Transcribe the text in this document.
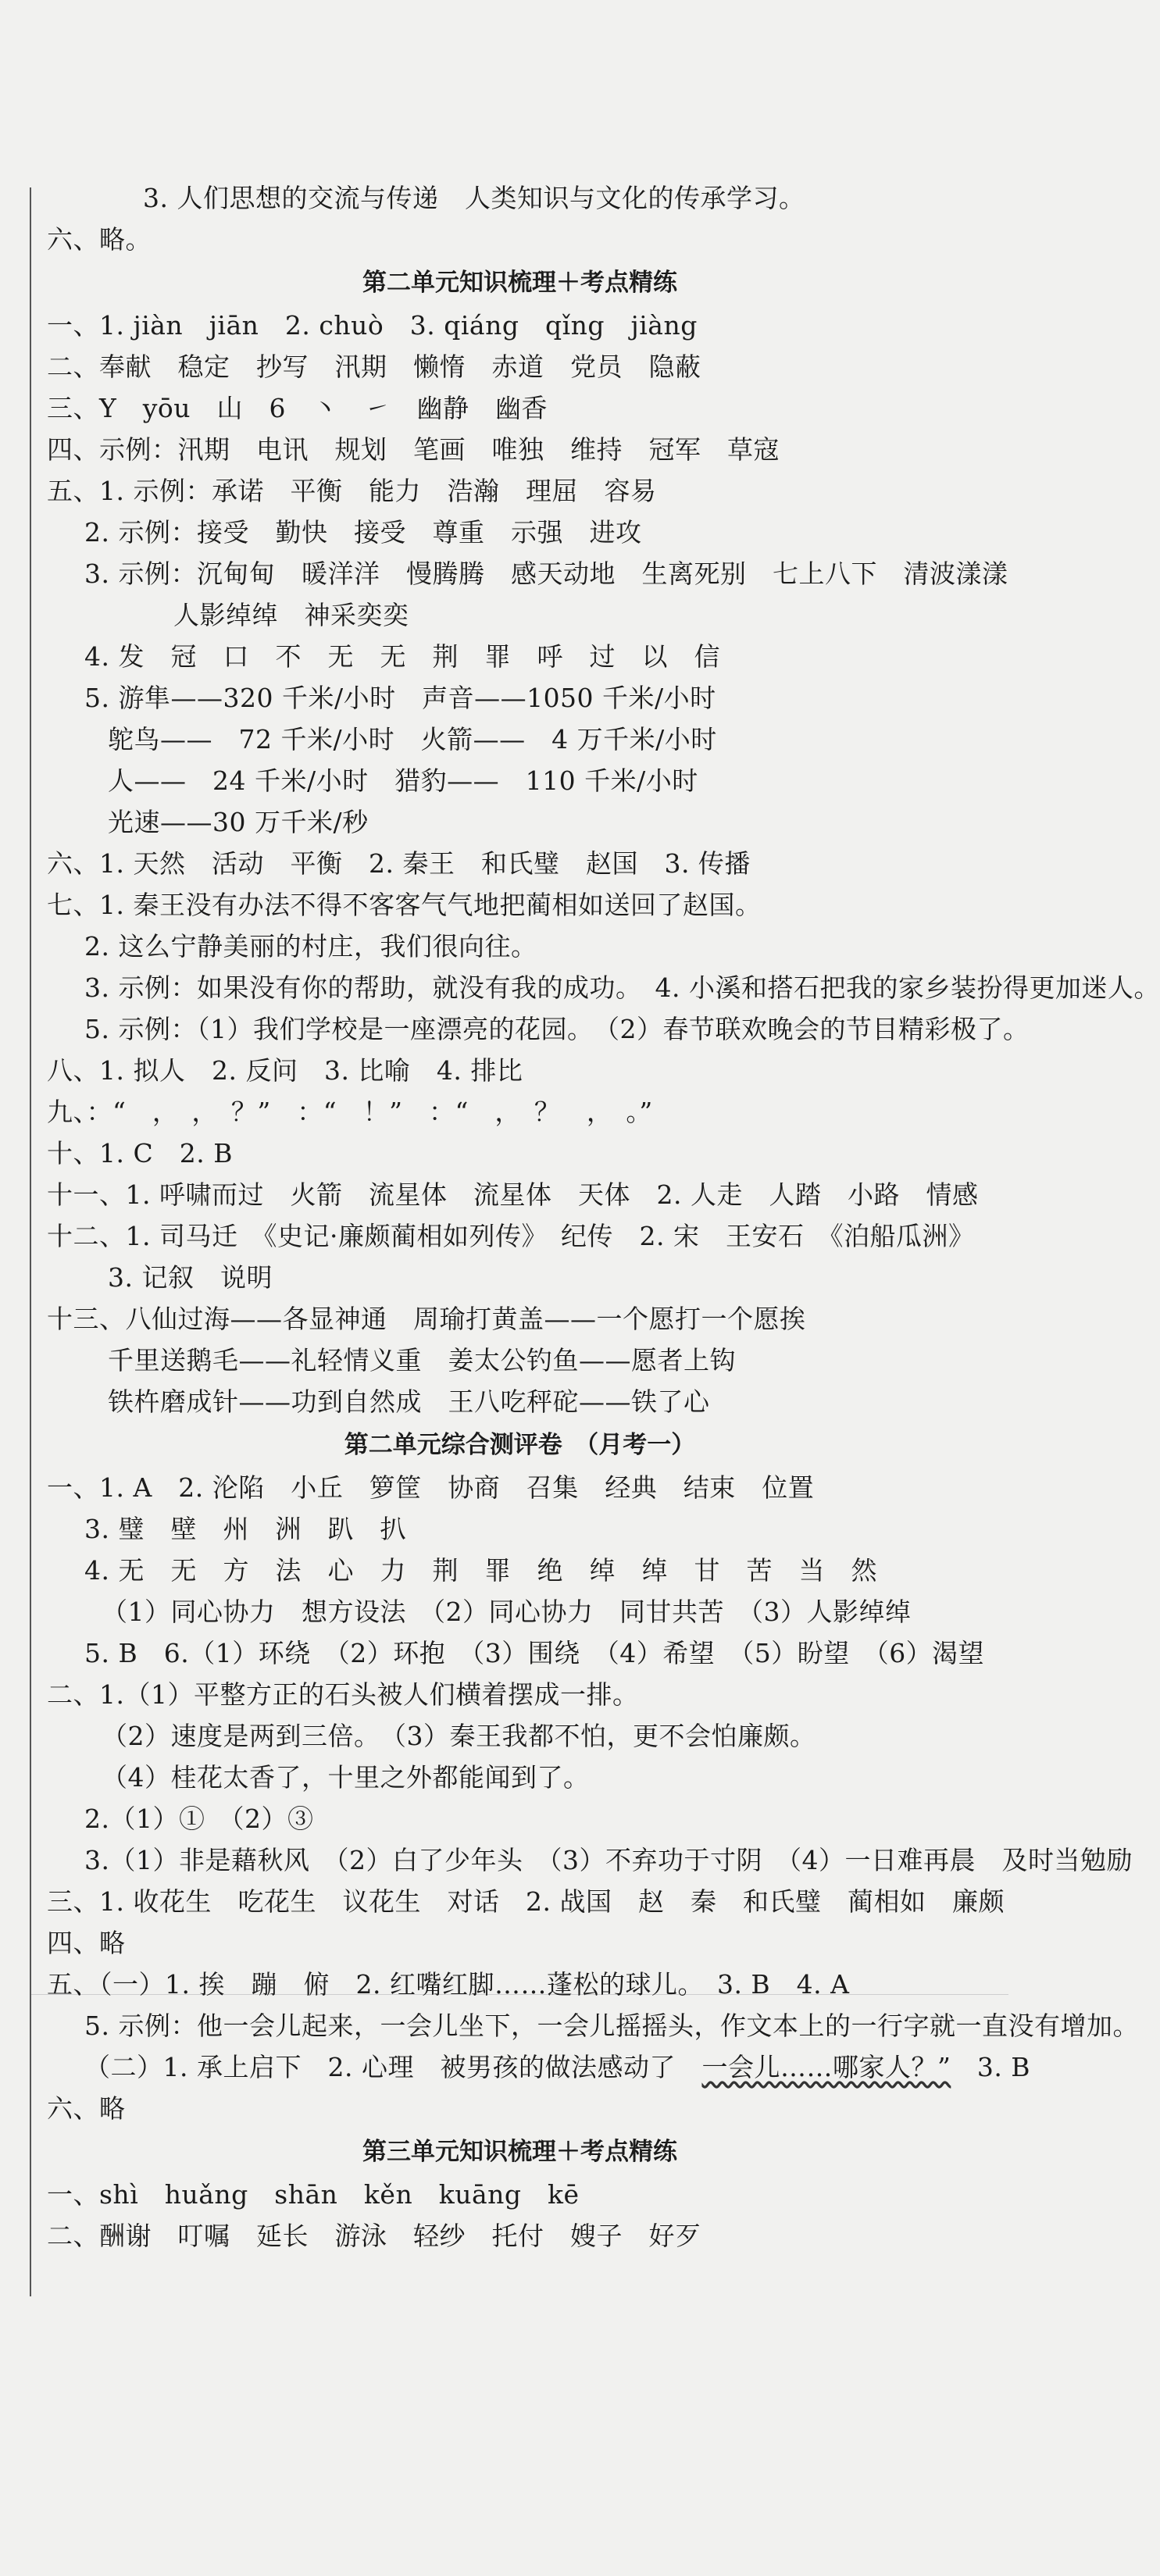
3. 人们思想的交流与传递　人类知识与文化的传承学习。
六、略。
第二单元知识梳理＋考点精练
一、1. jiàn　jiān　2. chuò　3. qiáng　qǐng　jiàng
二、奉献　稳定　抄写　汛期　懒惰　赤道　党员　隐蔽
三、Y　yōu　山　6　丶　㇀　幽静　幽香
四、示例：汛期　电讯　规划　笔画　唯独　维持　冠军　草寇
五、1. 示例：承诺　平衡　能力　浩瀚　理屈　容易
2. 示例：接受　勤快　接受　尊重　示强　进攻
3. 示例：沉甸甸　暖洋洋　慢腾腾　感天动地　生离死别　七上八下　清波漾漾
人影绰绰　神采奕奕
4. 发　冠　口　不　无　无　荆　罪　呼　过　以　信
5. 游隼——320 千米/小时　声音——1050 千米/小时
鸵鸟——　72 千米/小时　火箭——　4 万千米/小时
人——　24 千米/小时　猎豹——　110 千米/小时
光速——30 万千米/秒
六、1. 天然　活动　平衡　2. 秦王　和氏璧　赵国　3. 传播
七、1. 秦王没有办法不得不客客气气地把蔺相如送回了赵国。
2. 这么宁静美丽的村庄，我们很向往。
3. 示例：如果没有你的帮助，就没有我的成功。　4. 小溪和搭石把我的家乡装扮得更加迷人。
5. 示例：（1）我们学校是一座漂亮的花园。　（2）春节联欢晚会的节目精彩极了。
八、1. 拟人　2. 反问　3. 比喻　4. 排比
九、：“　，　，　？”　：“　！”　：“　，　？　，　。”
十、1. C　2. B
十一、1. 呼啸而过　火箭　流星体　流星体　天体　2. 人走　人踏　小路　情感
十二、1. 司马迁　《史记·廉颇蔺相如列传》　纪传　2. 宋　王安石　《泊船瓜洲》
3. 记叙　说明
十三、八仙过海——各显神通　周瑜打黄盖——一个愿打一个愿挨
千里送鹅毛——礼轻情义重　姜太公钓鱼——愿者上钩
铁杵磨成针——功到自然成　王八吃秤砣——铁了心
第二单元综合测评卷　（月考一）
一、1. A　2. 沦陷　小丘　箩筐　协商　召集　经典　结束　位置
3. 璧　壁　州　洲　趴　扒
4. 无　无　方　法　心　力　荆　罪　绝　绰　绰　甘　苦　当　然
（1）同心协力　想方设法　（2）同心协力　同甘共苦　（3）人影绰绰
5. B　6.（1）环绕　（2）环抱　（3）围绕　（4）希望　（5）盼望　（6）渴望
二、1.（1）平整方正的石头被人们横着摆成一排。
（2）速度是两到三倍。　（3）秦王我都不怕，更不会怕廉颇。
（4）桂花太香了，十里之外都能闻到了。
2.（1）①　（2）③
3.（1）非是藉秋风　（2）白了少年头　（3）不弃功于寸阴　（4）一日难再晨　及时当勉励
三、1. 收花生　吃花生　议花生　对话　2. 战国　赵　秦　和氏璧　蔺相如　廉颇
四、略
五、（一）1. 挨　蹦　俯　2. 红嘴红脚……蓬松的球儿。　3. B　4. A
5. 示例：他一会儿起来，一会儿坐下，一会儿摇摇头，作文本上的一行字就一直没有增加。
（二）1. 承上启下　2. 心理　被男孩的做法感动了　一会儿……哪家人？”　3. B
六、略
第三单元知识梳理＋考点精练
一、shì　huǎng　shān　kěn　kuāng　kē
二、酬谢　叮嘱　延长　游泳　轻纱　托付　嫂子　好歹
